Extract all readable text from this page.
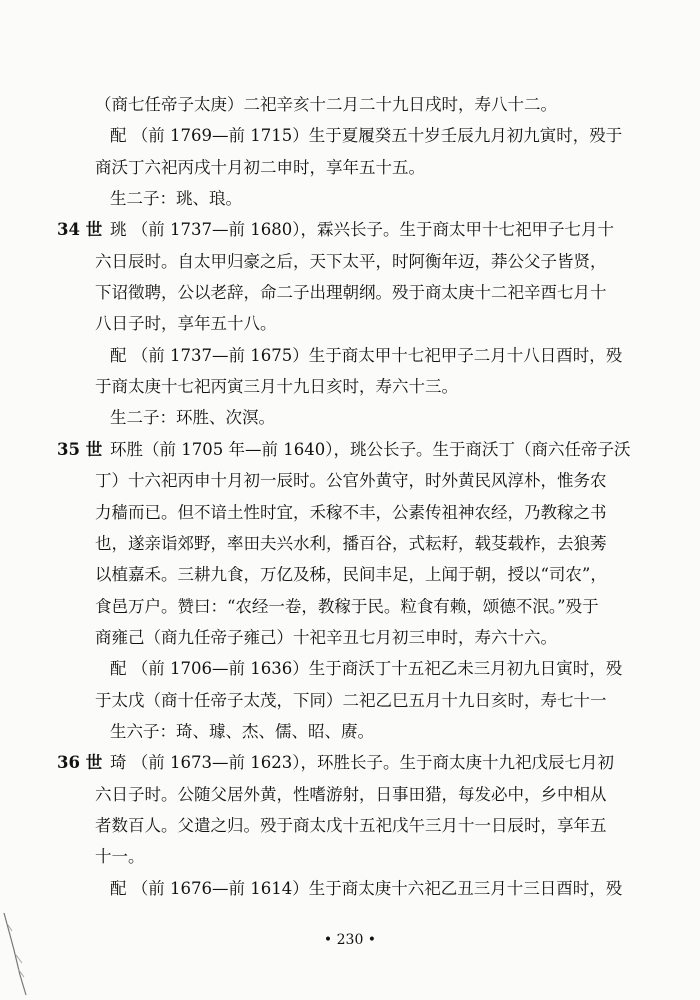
（商七任帝子太庚）二祀辛亥十二月二十九日戌时，寿八十二。
配 （前 1769—前 1715）生于夏履癸五十岁壬辰九月初九寅时，殁于
商沃丁六祀丙戌十月初二申时，享年五十五。
生二子：珧、琅。
34 世 珧 （前 1737—前 1680），霖兴长子。生于商太甲十七祀甲子七月十
六日辰时。自太甲归豪之后，天下太平，时阿衡年迈，莽公父子皆贤，
下诏徵聘，公以老辞，命二子出理朝纲。殁于商太庚十二祀辛酉七月十
八日子时，享年五十八。
配 （前 1737—前 1675）生于商太甲十七祀甲子二月十八日酉时，殁
于商太庚十七祀丙寅三月十九日亥时，寿六十三。
生二子：环胜、次溟。
35 世 环胜（前 1705 年—前 1640），珧公长子。生于商沃丁（商六任帝子沃
丁）十六祀丙申十月初一辰时。公官外黄守，时外黄民风淳朴，惟务农
力穑而已。但不谙土性时宜，禾稼不丰，公素传祖神农经，乃教稼之书
也，遂亲诣郊野，率田夫兴水利，播百谷，式耘耔，载芟载柞，去狼莠
以植嘉禾。三耕九食，万亿及秭，民间丰足，上闻于朝，授以“司农”，
食邑万户。赞曰：“农经一卷，教稼于民。粒食有赖，颂德不泯。”殁于
商雍己（商九任帝子雍己）十祀辛丑七月初三申时，寿六十六。
配 （前 1706—前 1636）生于商沃丁十五祀乙未三月初九日寅时，殁
于太戊（商十任帝子太茂，下同）二祀乙巳五月十九日亥时，寿七十一
生六子：琦、璩、杰、儒、昭、赓。
36 世 琦 （前 1673—前 1623），环胜长子。生于商太庚十九祀戊辰七月初
六日子时。公随父居外黄，性嗜游射，日事田猎，每发必中，乡中相从
者数百人。父遣之归。殁于商太戊十五祀戊午三月十一日辰时，享年五
十一。
配 （前 1676—前 1614）生于商太庚十六祀乙丑三月十三日酉时，殁
• 230 •
